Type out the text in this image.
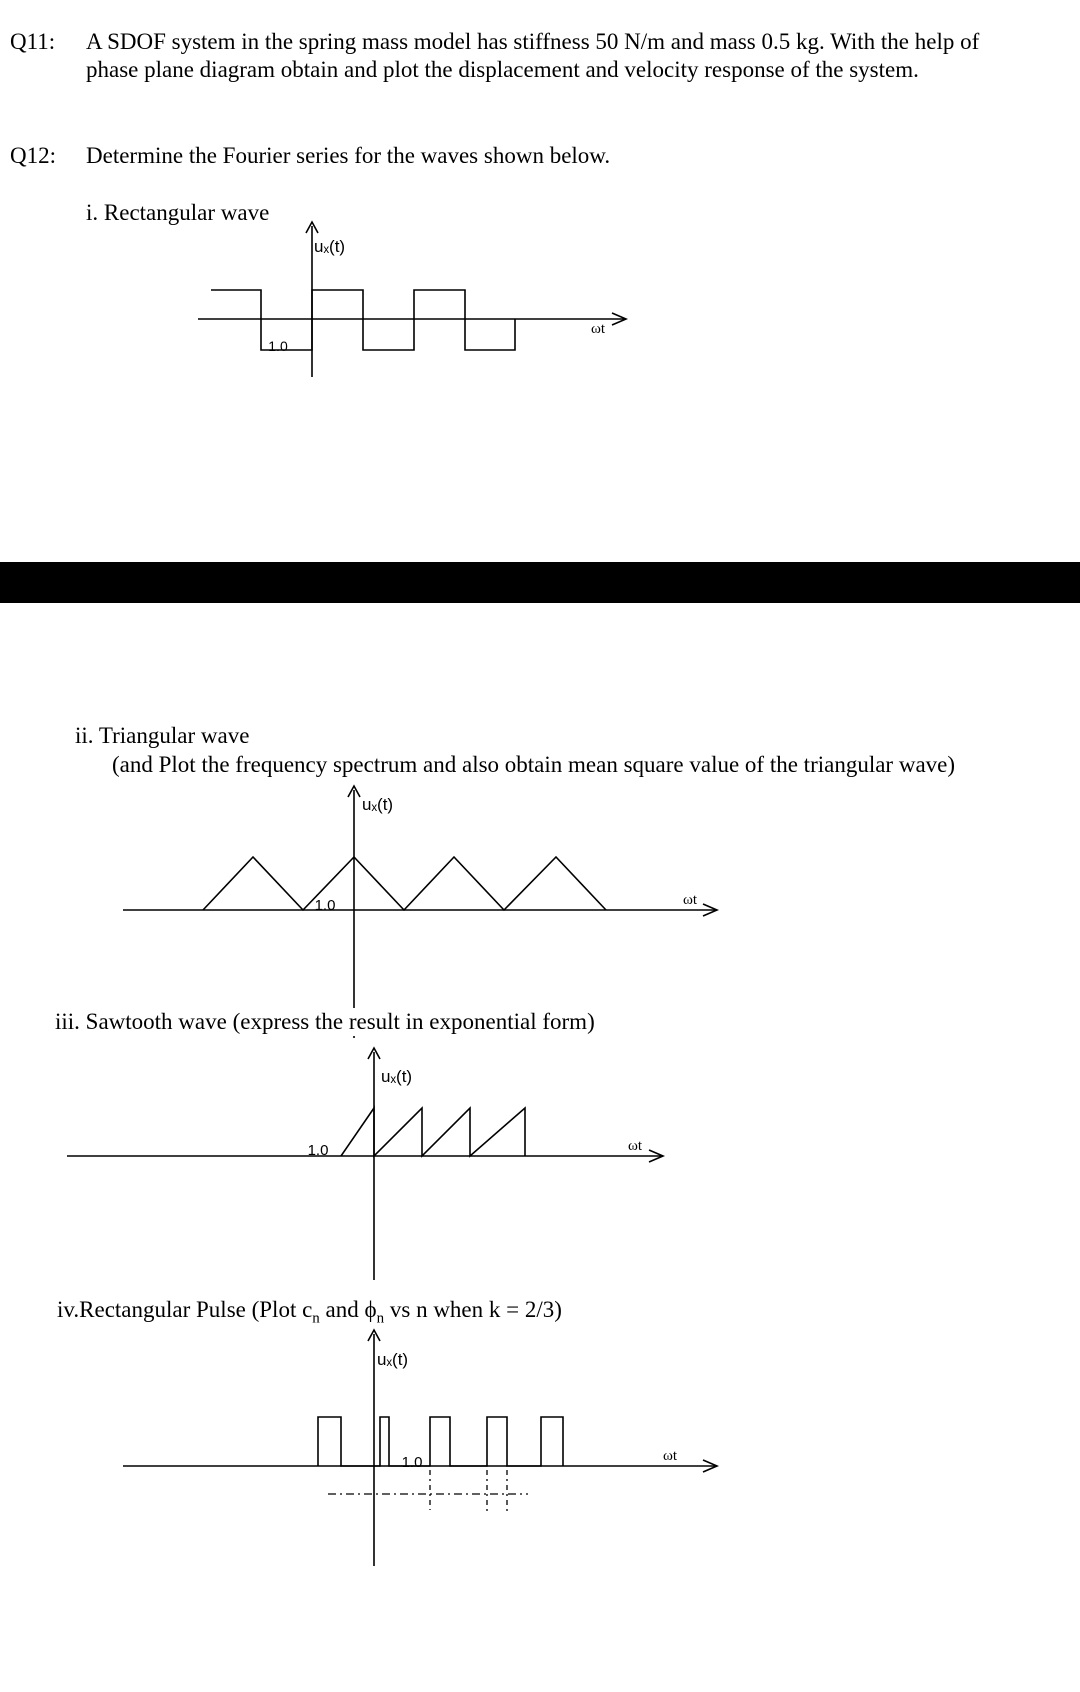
Q11: A SDOF system in the spring mass model has stiffness 50 N/m and mass 0.5 kg. With the help of
phase plane diagram obtain and plot the displacement and velocity response of the system.
Q12: Determine the Fourier series for the waves shown below.
i. Rectangular wave
1.0
uₓ(t)
ωt
ii. Triangular wave
(and Plot the frequency spectrum and also obtain mean square value of the triangular wave)
1.0
uₓ(t)
ωt
iii. Sawtooth wave (express the result in exponential form)
1.0
uₓ(t)
ωt
iv.Rectangular Pulse (Plot $c_n$ and $\phi_n$ vs n when k = 2/3)
1.0
uₓ(t)
ωt
